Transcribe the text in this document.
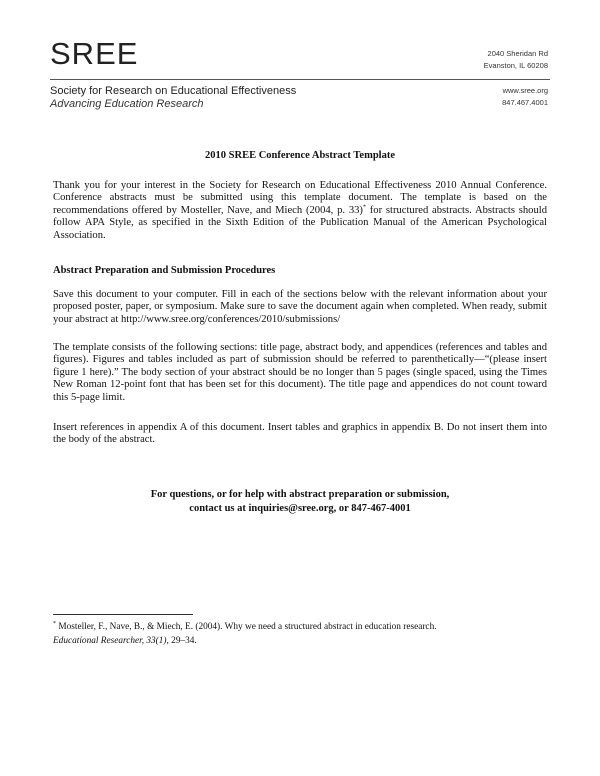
SREE
Society for Research on Educational Effectiveness
Advancing Education Research
2040 Sheridan Rd
Evanston, IL 60208
www.sree.org
847.467.4001
2010 SREE Conference Abstract Template
Thank you for your interest in the Society for Research on Educational Effectiveness 2010 Annual Conference. Conference abstracts must be submitted using this template document. The template is based on the recommendations offered by Mosteller, Nave, and Miech (2004, p. 33)* for structured abstracts. Abstracts should follow APA Style, as specified in the Sixth Edition of the Publication Manual of the American Psychological Association.
Abstract Preparation and Submission Procedures
Save this document to your computer. Fill in each of the sections below with the relevant information about your proposed poster, paper, or symposium. Make sure to save the document again when completed. When ready, submit your abstract at http://www.sree.org/conferences/2010/submissions/
The template consists of the following sections: title page, abstract body, and appendices (references and tables and figures). Figures and tables included as part of submission should be referred to parenthetically—“(please insert figure 1 here).” The body section of your abstract should be no longer than 5 pages (single spaced, using the Times New Roman 12-point font that has been set for this document). The title page and appendices do not count toward this 5-page limit.
Insert references in appendix A of this document. Insert tables and graphics in appendix B. Do not insert them into the body of the abstract.
For questions, or for help with abstract preparation or submission,
contact us at inquiries@sree.org, or 847-467-4001
* Mosteller, F., Nave, B., & Miech, E. (2004). Why we need a structured abstract in education research.
Educational Researcher, 33(1), 29–34.
